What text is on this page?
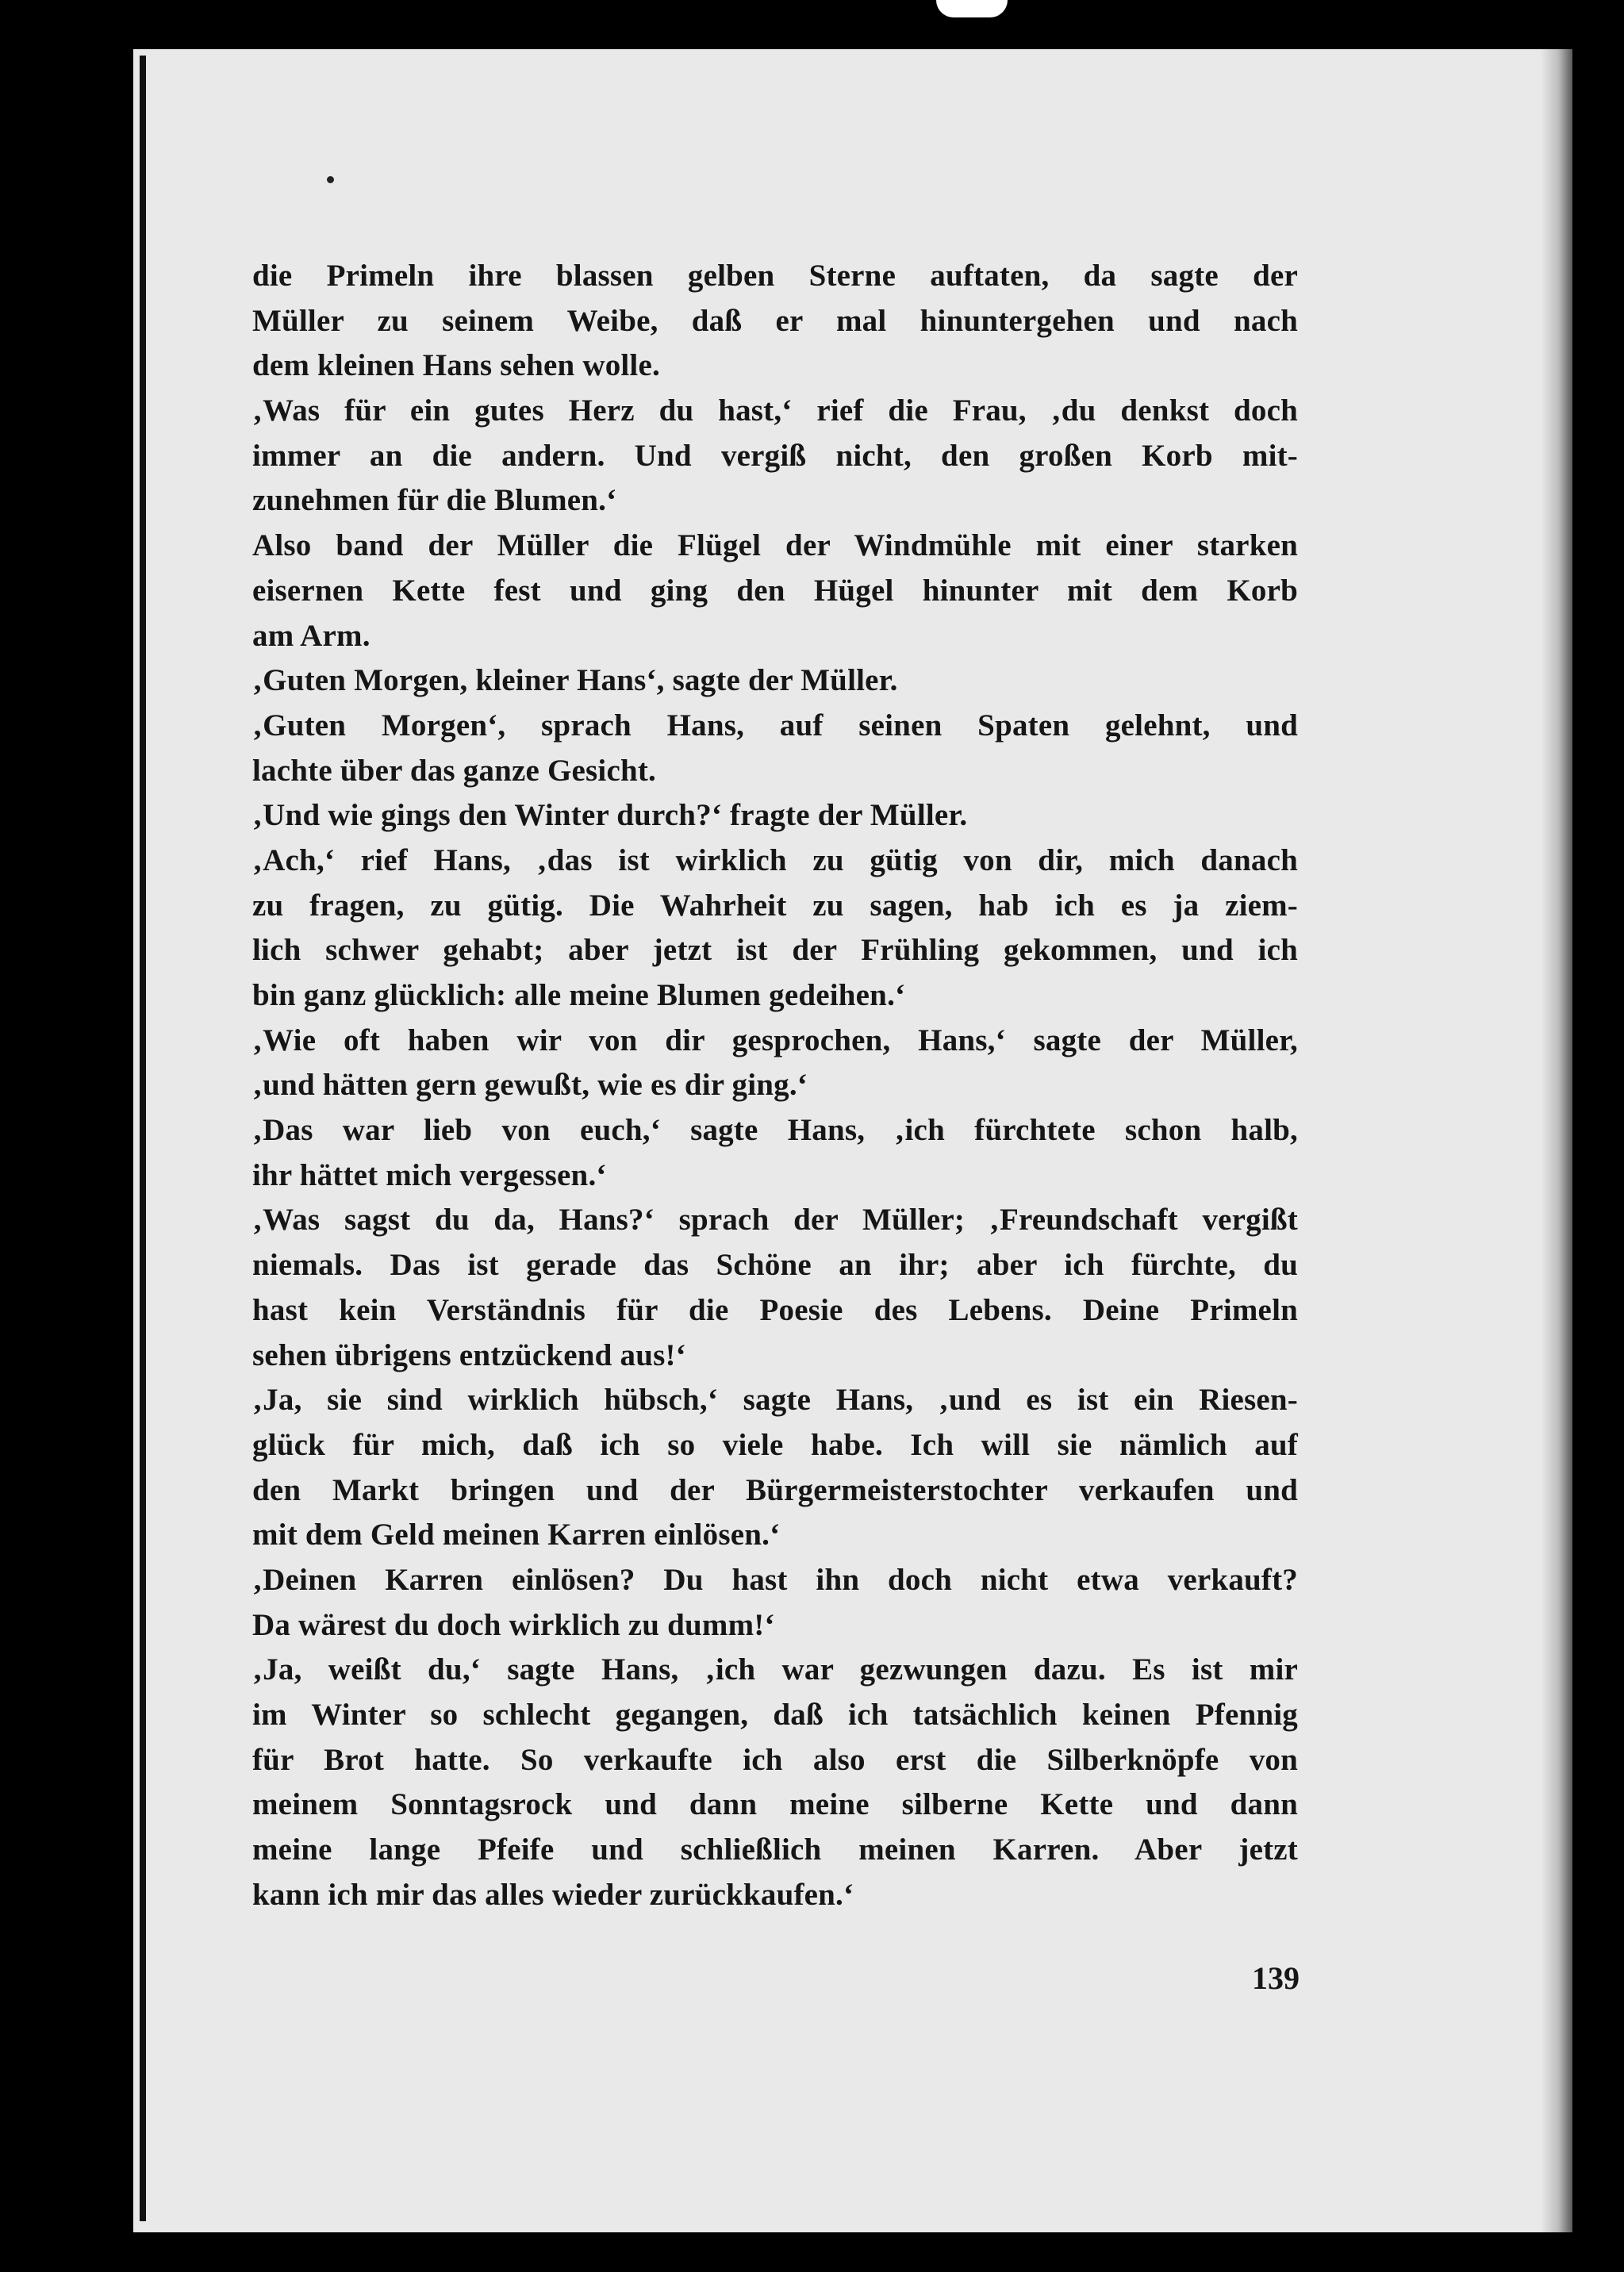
die Primeln ihre blassen gelben Sterne auftaten, da sagte der
Müller zu seinem Weibe, daß er mal hinuntergehen und nach
dem kleinen Hans sehen wolle.
‚Was für ein gutes Herz du hast,‘ rief die Frau, ‚du denkst doch
immer an die andern. Und vergiß nicht, den großen Korb mit-
zunehmen für die Blumen.‘
Also band der Müller die Flügel der Windmühle mit einer starken
eisernen Kette fest und ging den Hügel hinunter mit dem Korb
am Arm.
‚Guten Morgen, kleiner Hans‘, sagte der Müller.
‚Guten Morgen‘, sprach Hans, auf seinen Spaten gelehnt, und
lachte über das ganze Gesicht.
‚Und wie gings den Winter durch?‘ fragte der Müller.
‚Ach,‘ rief Hans, ‚das ist wirklich zu gütig von dir, mich danach
zu fragen, zu gütig. Die Wahrheit zu sagen, hab ich es ja ziem-
lich schwer gehabt; aber jetzt ist der Frühling gekommen, und ich
bin ganz glücklich: alle meine Blumen gedeihen.‘
‚Wie oft haben wir von dir gesprochen, Hans,‘ sagte der Müller,
‚und hätten gern gewußt, wie es dir ging.‘
‚Das war lieb von euch,‘ sagte Hans, ‚ich fürchtete schon halb,
ihr hättet mich vergessen.‘
‚Was sagst du da, Hans?‘ sprach der Müller; ‚Freundschaft vergißt
niemals. Das ist gerade das Schöne an ihr; aber ich fürchte, du
hast kein Verständnis für die Poesie des Lebens. Deine Primeln
sehen übrigens entzückend aus!‘
‚Ja, sie sind wirklich hübsch,‘ sagte Hans, ‚und es ist ein Riesen-
glück für mich, daß ich so viele habe. Ich will sie nämlich auf
den Markt bringen und der Bürgermeisterstochter verkaufen und
mit dem Geld meinen Karren einlösen.‘
‚Deinen Karren einlösen? Du hast ihn doch nicht etwa verkauft?
Da wärest du doch wirklich zu dumm!‘
‚Ja, weißt du,‘ sagte Hans, ‚ich war gezwungen dazu. Es ist mir
im Winter so schlecht gegangen, daß ich tatsächlich keinen Pfennig
für Brot hatte. So verkaufte ich also erst die Silberknöpfe von
meinem Sonntagsrock und dann meine silberne Kette und dann
meine lange Pfeife und schließlich meinen Karren. Aber jetzt
kann ich mir das alles wieder zurückkaufen.‘
139
